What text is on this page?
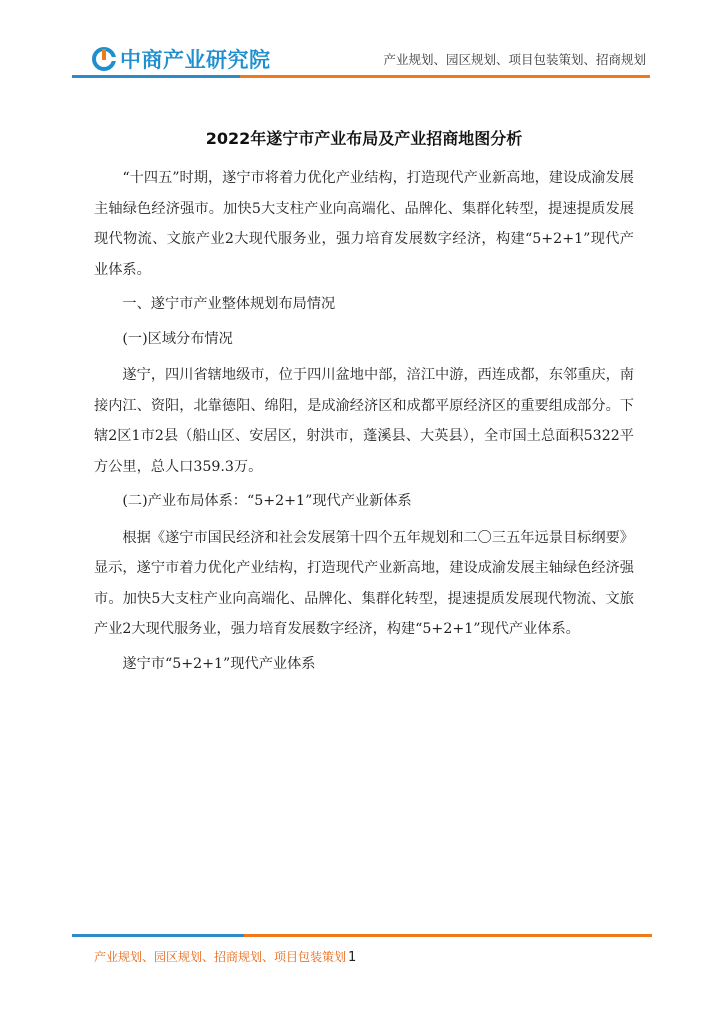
中商产业研究院	产业规划、园区规划、项目包装策划、招商规划
2022年遂宁市产业布局及产业招商地图分析

“十四五”时期，遂宁市将着力优化产业结构，打造现代产业新高地，建设成渝发展主轴绿色经济强市。加快5大支柱产业向高端化、品牌化、集群化转型，提速提质发展现代物流、文旅产业2大现代服务业，强力培育发展数字经济，构建“5+2+1”现代产业体系。

一、遂宁市产业整体规划布局情况

(一)区域分布情况

遂宁，四川省辖地级市，位于四川盆地中部，涪江中游，西连成都，东邻重庆，南接内江、资阳，北靠德阳、绵阳，是成渝经济区和成都平原经济区的重要组成部分。下辖2区1市2县（船山区、安居区，射洪市，蓬溪县、大英县），全市国土总面积5322平方公里，总人口359.3万。

(二)产业布局体系：“5+2+1”现代产业新体系

根据《遂宁市国民经济和社会发展第十四个五年规划和二〇三五年远景目标纲要》显示，遂宁市着力优化产业结构，打造现代产业新高地，建设成渝发展主轴绿色经济强市。加快5大支柱产业向高端化、品牌化、集群化转型，提速提质发展现代物流、文旅产业2大现代服务业，强力培育发展数字经济，构建“5+2+1”现代产业体系。

遂宁市“5+2+1”现代产业体系

产业规划、园区规划、招商规划、项目包装策划 1
